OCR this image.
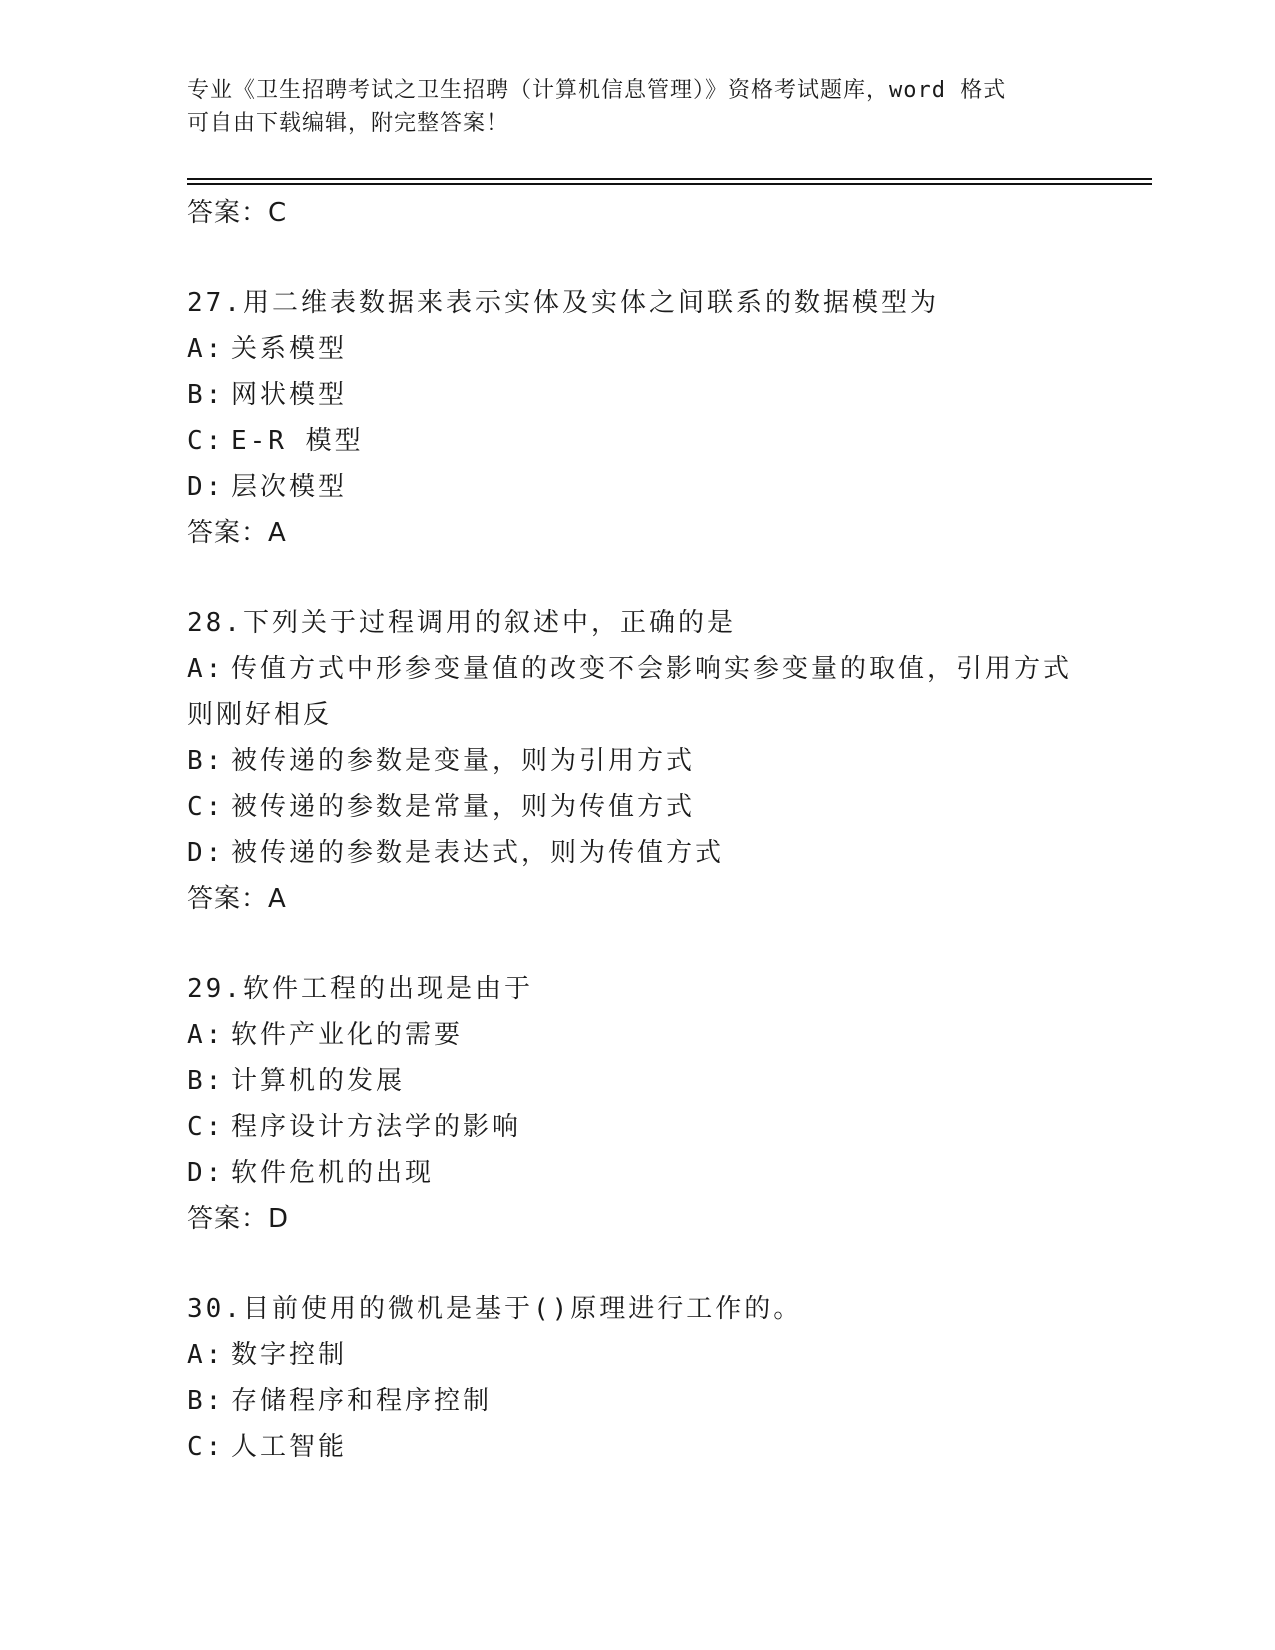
专业《卫生招聘考试之卫生招聘（计算机信息管理）》资格考试题库，word 格式
可自由下载编辑，附完整答案！
答案：C
27.用二维表数据来表示实体及实体之间联系的数据模型为
A: 关系模型
B: 网状模型
C: E-R 模型
D: 层次模型
答案：A
28.下列关于过程调用的叙述中，正确的是
A: 传值方式中形参变量值的改变不会影响实参变量的取值，引用方式
则刚好相反
B: 被传递的参数是变量，则为引用方式
C: 被传递的参数是常量，则为传值方式
D: 被传递的参数是表达式，则为传值方式
答案：A
29.软件工程的出现是由于
A: 软件产业化的需要
B: 计算机的发展
C: 程序设计方法学的影响
D: 软件危机的出现
答案：D
30.目前使用的微机是基于()原理进行工作的。
A: 数字控制
B: 存储程序和程序控制
C: 人工智能
